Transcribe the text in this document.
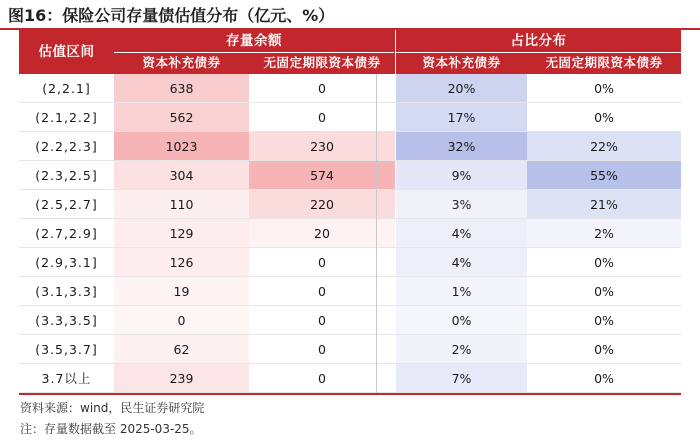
图16：保险公司存量债估值分布（亿元、%）
估值区间
存量余额	占比分布
资本补充债券	无固定期限资本债券	资本补充债券	无固定期限资本债券
(2,2.1]	638	0	20%	0%
(2.1,2.2]	562	0	17%	0%
(2.2,2.3]	1023	230	32%	22%
(2.3,2.5]	304	574	9%	55%
(2.5,2.7]	110	220	3%	21%
(2.7,2.9]	129	20	4%	2%
(2.9,3.1]	126	0	4%	0%
(3.1,3.3]	19	0	1%	0%
(3.3,3.5]	0	0	0%	0%
(3.5,3.7]	62	0	2%	0%
3.7以上	239	0	7%	0%
资料来源：wind，民生证券研究院
注：存量数据截至 2025-03-25。
